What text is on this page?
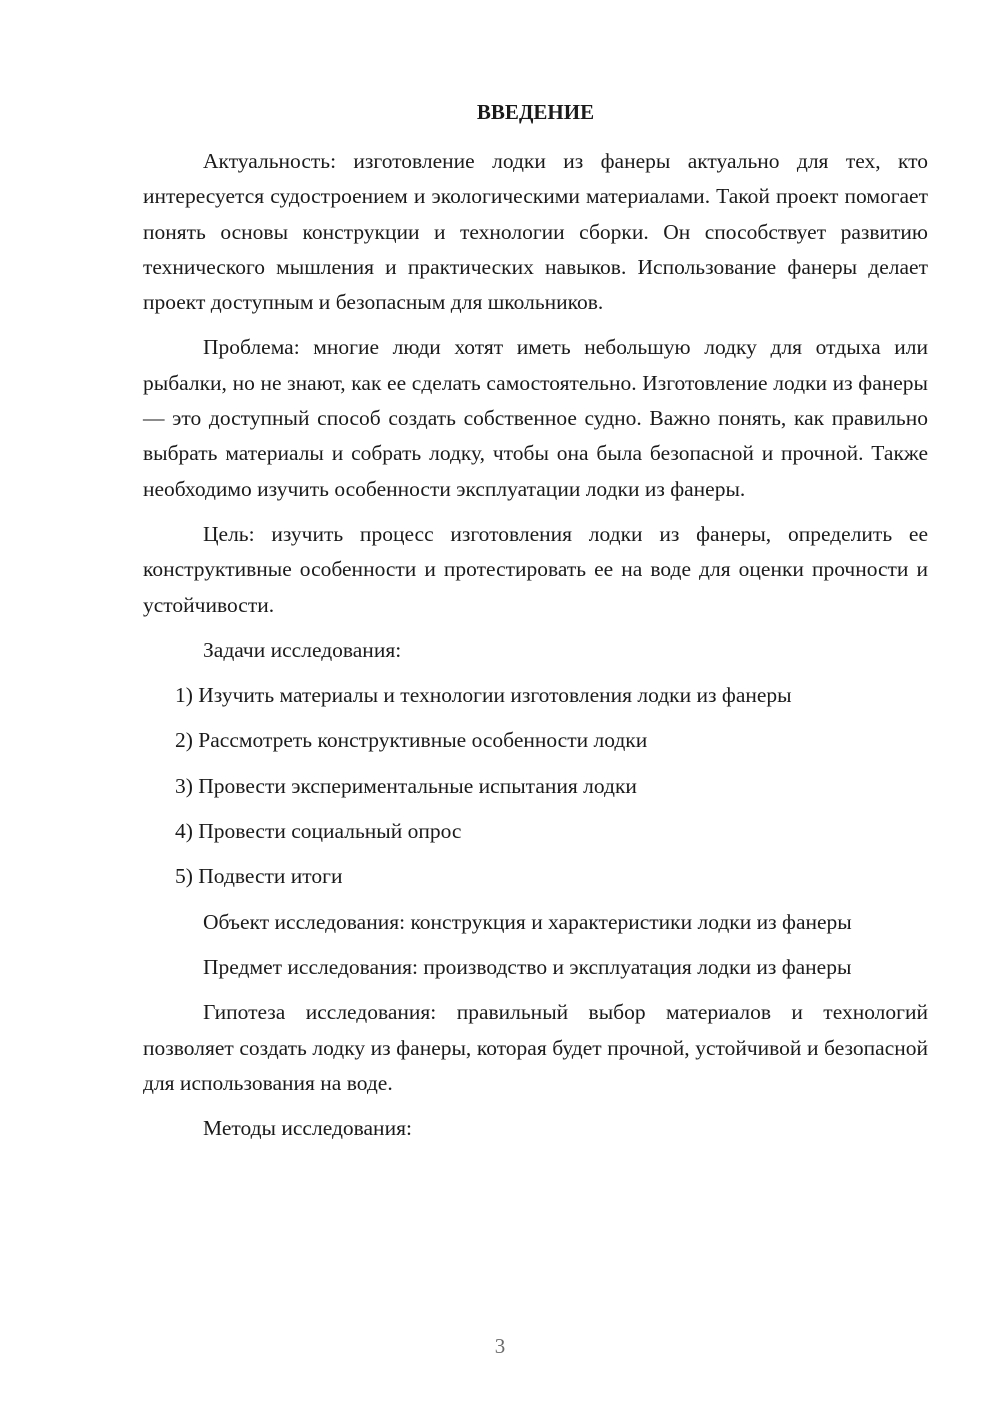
ВВЕДЕНИЕ

Актуальность: изготовление лодки из фанеры актуально для тех, кто интересуется судостроением и экологическими материалами. Такой проект помогает понять основы конструкции и технологии сборки. Он способствует развитию технического мышления и практических навыков. Использование фанеры делает проект доступным и безопасным для школьников.

Проблема: многие люди хотят иметь небольшую лодку для отдыха или рыбалки, но не знают, как ее сделать самостоятельно. Изготовление лодки из фанеры — это доступный способ создать собственное судно. Важно понять, как правильно выбрать материалы и собрать лодку, чтобы она была безопасной и прочной. Также необходимо изучить особенности эксплуатации лодки из фанеры.

Цель: изучить процесс изготовления лодки из фанеры, определить ее конструктивные особенности и протестировать ее на воде для оценки прочности и устойчивости.

Задачи исследования:

1) Изучить материалы и технологии изготовления лодки из фанеры

2) Рассмотреть конструктивные особенности лодки

3) Провести экспериментальные испытания лодки

4) Провести социальный опрос

5) Подвести итоги

Объект исследования: конструкция и характеристики лодки из фанеры

Предмет исследования: производство и эксплуатация лодки из фанеры

Гипотеза исследования: правильный выбор материалов и технологий позволяет создать лодку из фанеры, которая будет прочной, устойчивой и безопасной для использования на воде.

Методы исследования:

3
